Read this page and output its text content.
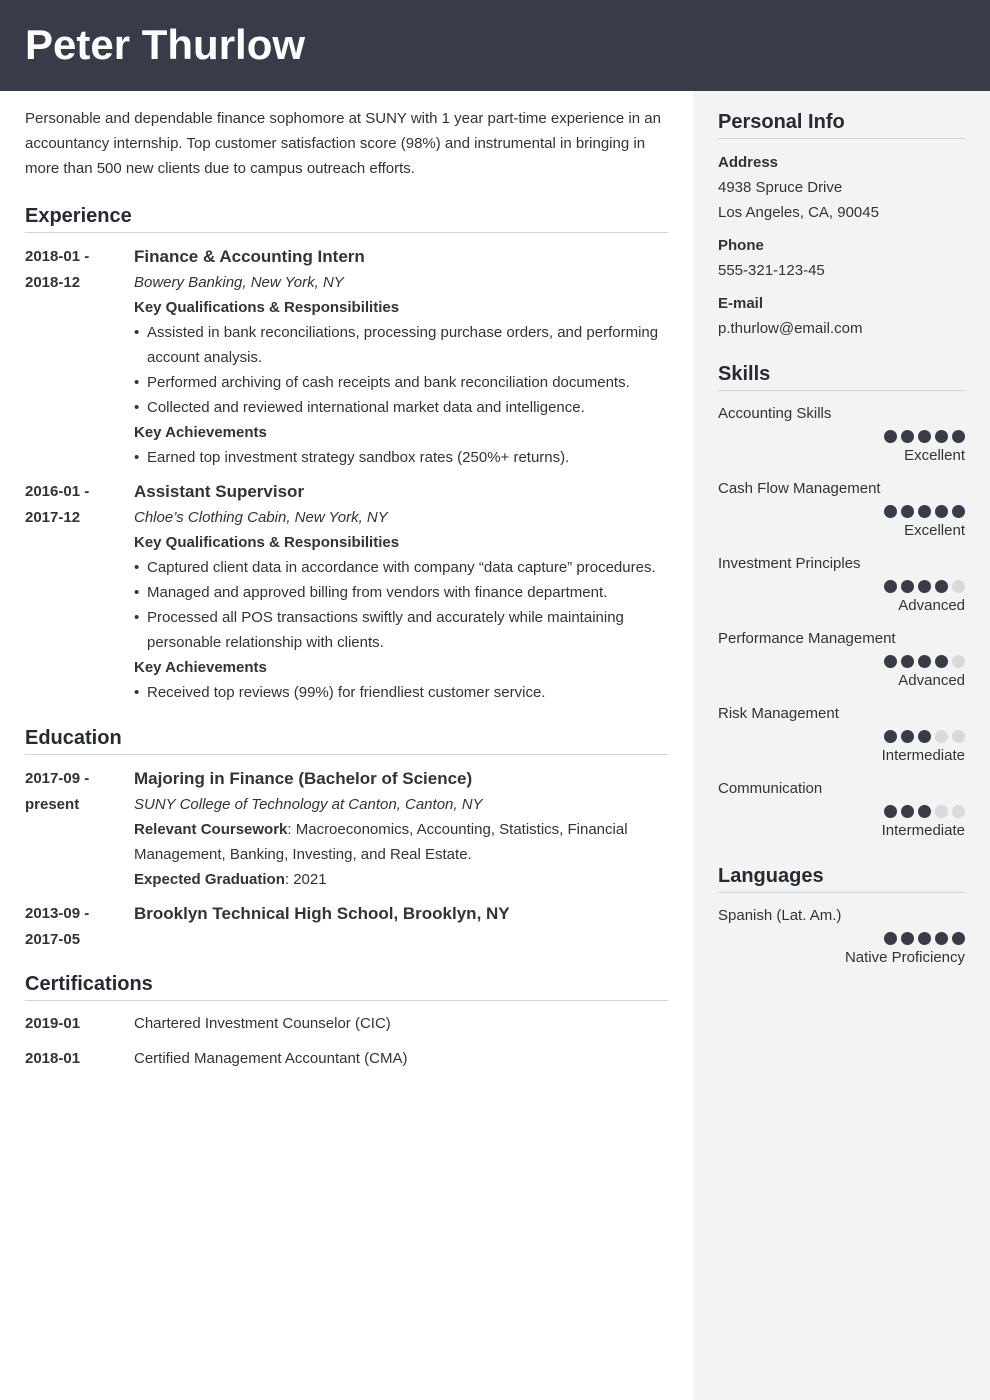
Peter Thurlow

Personable and dependable finance sophomore at SUNY with 1 year part-time experience in an accountancy internship. Top customer satisfaction score (98%) and instrumental in bringing in more than 500 new clients due to campus outreach efforts.

Experience
2018-01 -
2018-12
Finance & Accounting Intern
Bowery Banking, New York, NY
Key Qualifications & Responsibilities
• Assisted in bank reconciliations, processing purchase orders, and performing account analysis.
• Performed archiving of cash receipts and bank reconciliation documents.
• Collected and reviewed international market data and intelligence.
Key Achievements
• Earned top investment strategy sandbox rates (250%+ returns).
2016-01 -
2017-12
Assistant Supervisor
Chloe’s Clothing Cabin, New York, NY
Key Qualifications & Responsibilities
• Captured client data in accordance with company “data capture” procedures.
• Managed and approved billing from vendors with finance department.
• Processed all POS transactions swiftly and accurately while maintaining personable relationship with clients.
Key Achievements
• Received top reviews (99%) for friendliest customer service.
Education
2017-09 -
present
Majoring in Finance (Bachelor of Science)
SUNY College of Technology at Canton, Canton, NY
Relevant Coursework: Macroeconomics, Accounting, Statistics, Financial Management, Banking, Investing, and Real Estate.
Expected Graduation: 2021
2013-09 -
2017-05
Brooklyn Technical High School, Brooklyn, NY
Certifications
2019-01	Chartered Investment Counselor (CIC)
2018-01	Certified Management Accountant (CMA)
Personal Info
Address
4938 Spruce Drive
Los Angeles, CA, 90045
Phone
555-321-123-45
E-mail
p.thurlow@email.com
Skills
Accounting Skills
Excellent
Cash Flow Management
Excellent
Investment Principles
Advanced
Performance Management
Advanced
Risk Management
Intermediate
Communication
Intermediate
Languages
Spanish (Lat. Am.)
Native Proficiency
